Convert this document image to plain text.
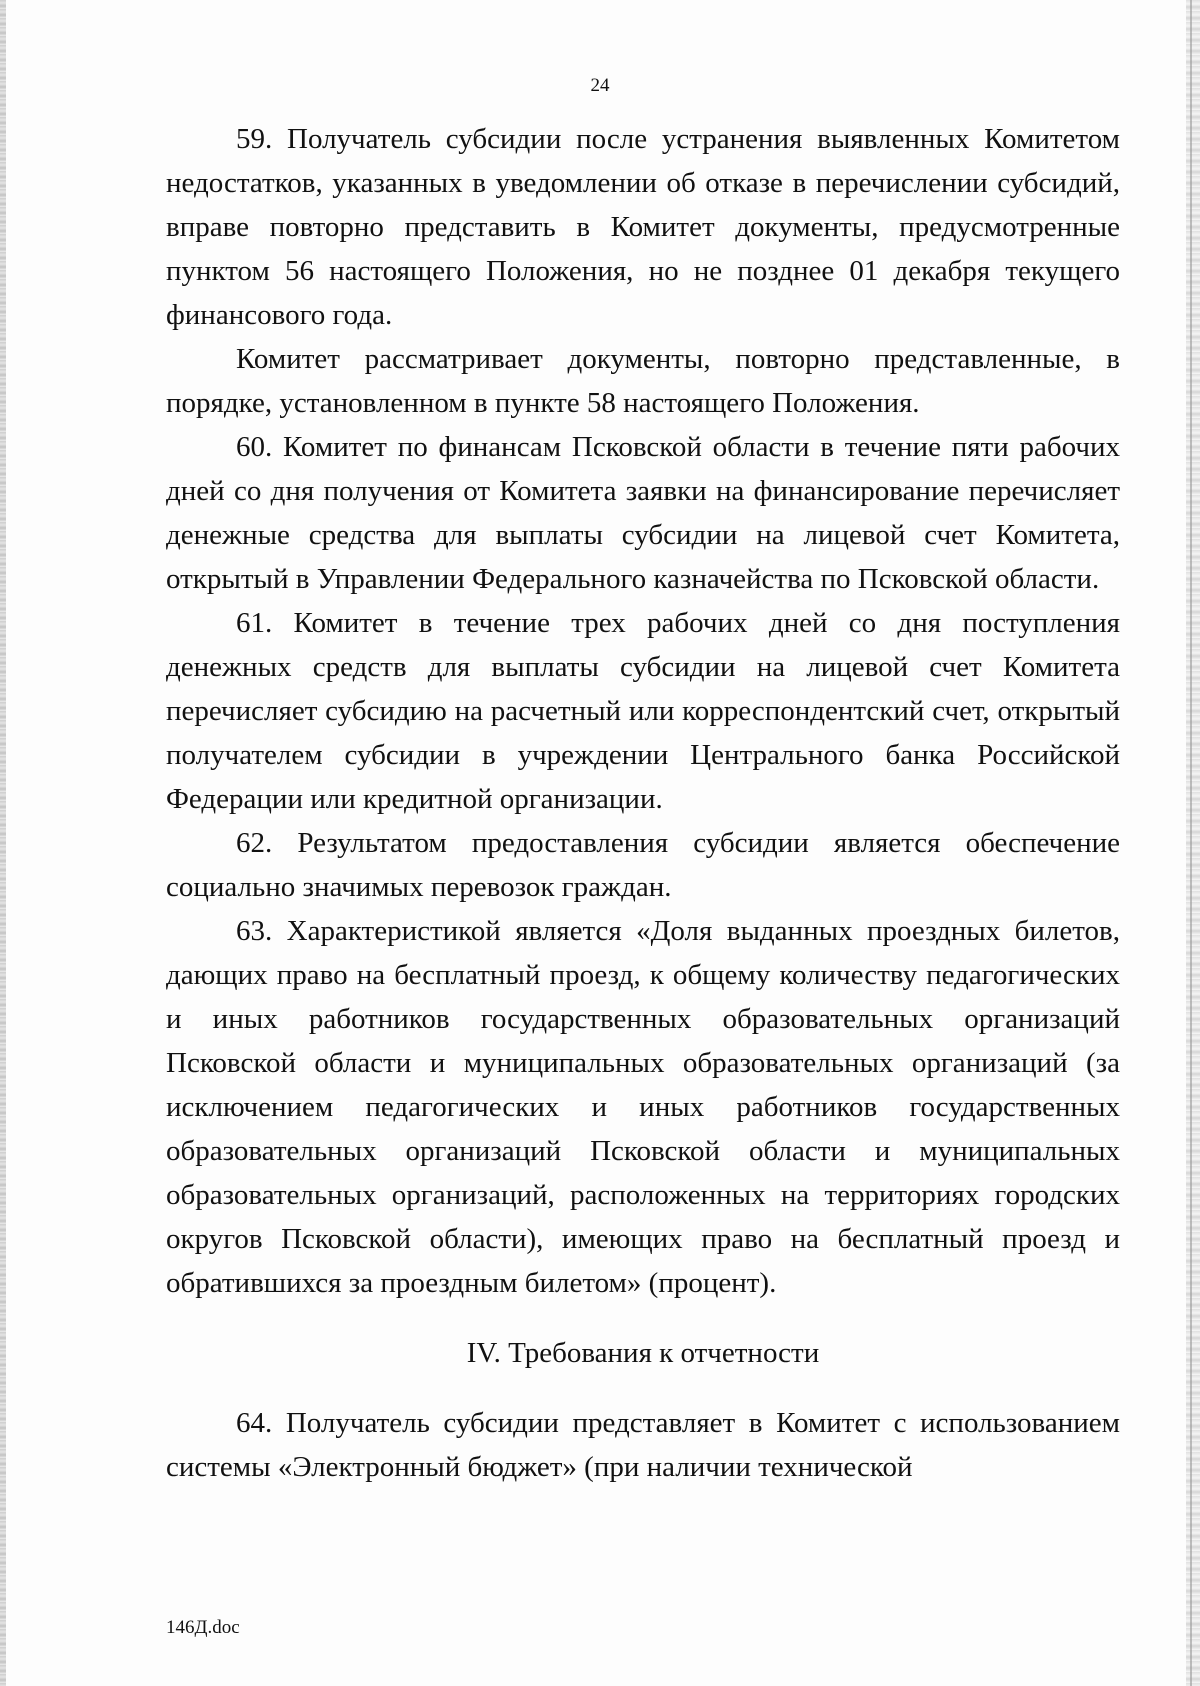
24

59. Получатель субсидии после устранения выявленных Комитетом недостатков, указанных в уведомлении об отказе в перечислении субсидий, вправе повторно представить в Комитет документы, предусмотренные пунктом 56 настоящего Положения, но не позднее 01 декабря текущего финансового года.

Комитет рассматривает документы, повторно представленные, в порядке, установленном в пункте 58 настоящего Положения.

60. Комитет по финансам Псковской области в течение пяти рабочих дней со дня получения от Комитета заявки на финансирование перечисляет денежные средства для выплаты субсидии на лицевой счет Комитета, открытый в Управлении Федерального казначейства по Псковской области.

61. Комитет в течение трех рабочих дней со дня поступления денежных средств для выплаты субсидии на лицевой счет Комитета перечисляет субсидию на расчетный или корреспондентский счет, открытый получателем субсидии в учреждении Центрального банка Российской Федерации или кредитной организации.

62. Результатом предоставления субсидии является обеспечение социально значимых перевозок граждан.

63. Характеристикой является «Доля выданных проездных билетов, дающих право на бесплатный проезд, к общему количеству педагогических и иных работников государственных образовательных организаций Псковской области и муниципальных образовательных организаций (за исключением педагогических и иных работников государственных образовательных организаций Псковской области и муниципальных образовательных организаций, расположенных на территориях городских округов Псковской области), имеющих право на бесплатный проезд и обратившихся за проездным билетом» (процент).

IV. Требования к отчетности

64. Получатель субсидии представляет в Комитет с использованием системы «Электронный бюджет» (при наличии технической

146Д.doc
